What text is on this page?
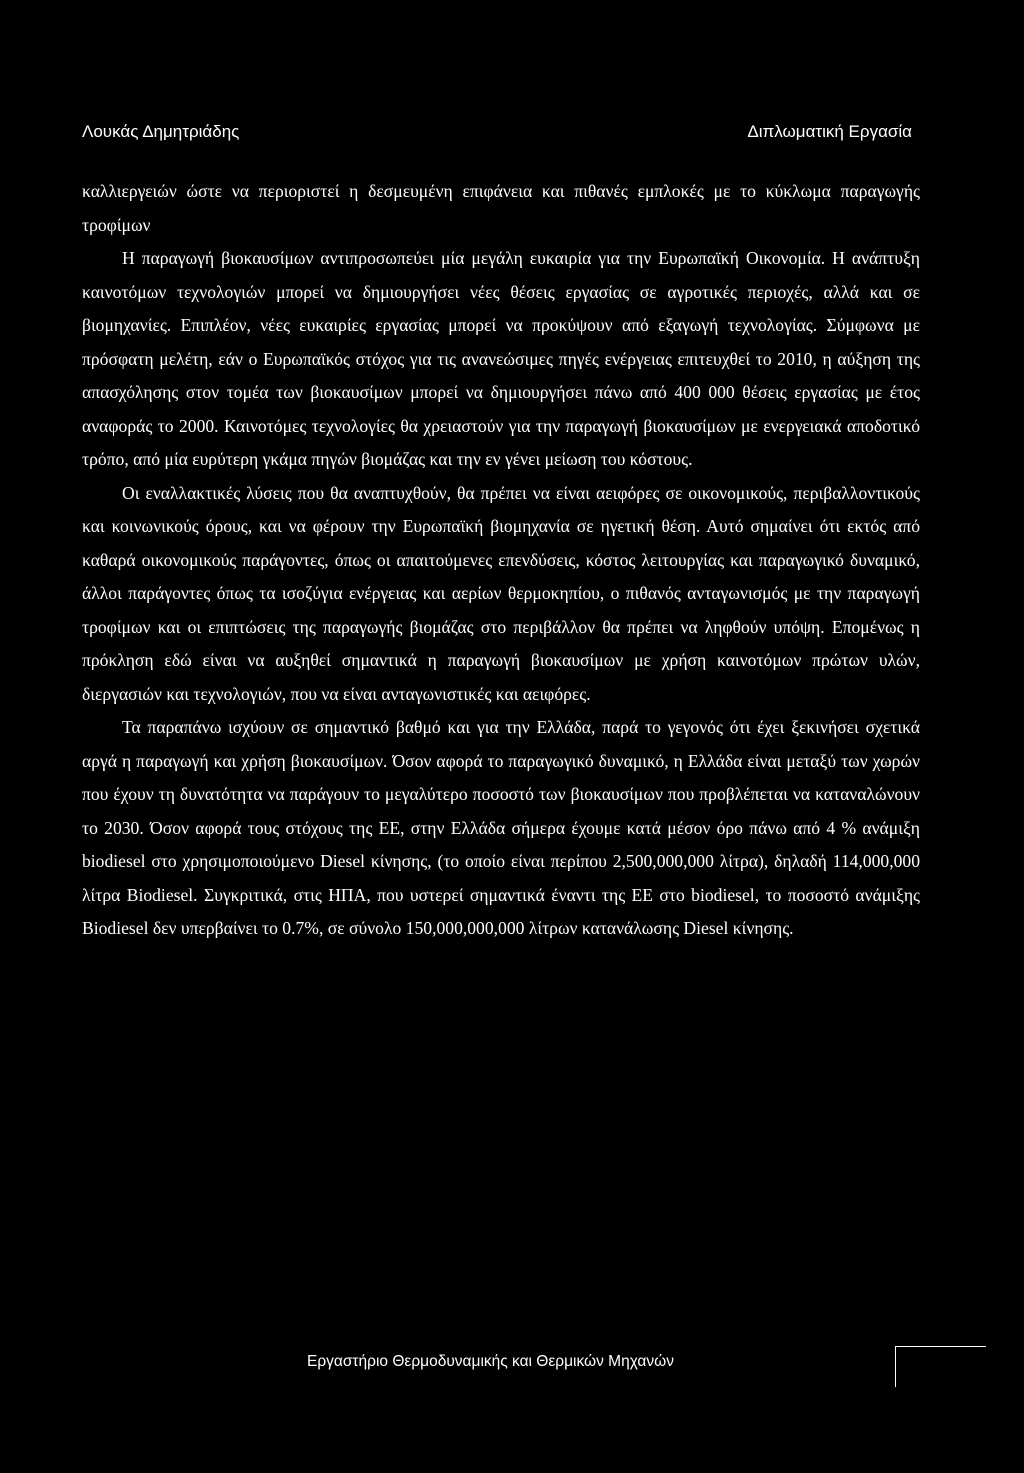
Λουκάς Δημητριάδης	Διπλωματική Εργασία

καλλιεργειών ώστε να περιοριστεί η δεσμευμένη επιφάνεια και πιθανές εμπλοκές με το κύκλωμα παραγωγής τροφίμων

Η παραγωγή βιοκαυσίμων αντιπροσωπεύει μία μεγάλη ευκαιρία για την Ευρωπαϊκή Οικονομία. Η ανάπτυξη καινοτόμων τεχνολογιών μπορεί να δημιουργήσει νέες θέσεις εργασίας σε αγροτικές περιοχές, αλλά και σε βιομηχανίες. Επιπλέον, νέες ευκαιρίες εργασίας μπορεί να προκύψουν από εξαγωγή τεχνολογίας. Σύμφωνα με πρόσφατη μελέτη, εάν ο Ευρωπαϊκός στόχος για τις ανανεώσιμες πηγές ενέργειας επιτευχθεί το 2010, η αύξηση της απασχόλησης στον τομέα των βιοκαυσίμων μπορεί να δημιουργήσει πάνω από 400 000 θέσεις εργασίας με έτος αναφοράς το 2000. Καινοτόμες τεχνολογίες θα χρειαστούν για την παραγωγή βιοκαυσίμων με ενεργειακά αποδοτικό τρόπο, από μία ευρύτερη γκάμα πηγών βιομάζας και την εν γένει μείωση του κόστους.

Οι εναλλακτικές λύσεις που θα αναπτυχθούν, θα πρέπει να είναι αειφόρες σε οικονομικούς, περιβαλλοντικούς και κοινωνικούς όρους, και να φέρουν την Ευρωπαϊκή βιομηχανία σε ηγετική θέση. Αυτό σημαίνει ότι εκτός από καθαρά οικονομικούς παράγοντες, όπως οι απαιτούμενες επενδύσεις, κόστος λειτουργίας και παραγωγικό δυναμικό, άλλοι παράγοντες όπως τα ισοζύγια ενέργειας και αερίων θερμοκηπίου, ο πιθανός ανταγωνισμός με την παραγωγή τροφίμων και οι επιπτώσεις της παραγωγής βιομάζας στο περιβάλλον θα πρέπει να ληφθούν υπόψη. Επομένως η πρόκληση εδώ είναι να αυξηθεί σημαντικά η παραγωγή βιοκαυσίμων με χρήση καινοτόμων πρώτων υλών, διεργασιών και τεχνολογιών, που να είναι ανταγωνιστικές και αειφόρες.

Τα παραπάνω ισχύουν σε σημαντικό βαθμό και για την Ελλάδα, παρά το γεγονός ότι έχει ξεκινήσει σχετικά αργά η παραγωγή και χρήση βιοκαυσίμων. Όσον αφορά το παραγωγικό δυναμικό, η Ελλάδα είναι μεταξύ των χωρών που έχουν τη δυνατότητα να παράγουν το μεγαλύτερο ποσοστό των βιοκαυσίμων που προβλέπεται να καταναλώνουν το 2030. Όσον αφορά τους στόχους της ΕΕ, στην Ελλάδα σήμερα έχουμε κατά μέσον όρο πάνω από 4 % ανάμιξη biodiesel στο χρησιμοποιούμενο Diesel κίνησης, (το οποίο είναι περίπου 2,500,000,000 λίτρα), δηλαδή 114,000,000 λίτρα Biodiesel. Συγκριτικά, στις ΗΠΑ, που υστερεί σημαντικά έναντι της ΕΕ στο biodiesel, το ποσοστό ανάμιξης Biodiesel δεν υπερβαίνει το 0.7%, σε σύνολο 150,000,000,000 λίτρων κατανάλωσης Diesel κίνησης.

Εργαστήριο Θερμοδυναμικής και Θερμικών Μηχανών
